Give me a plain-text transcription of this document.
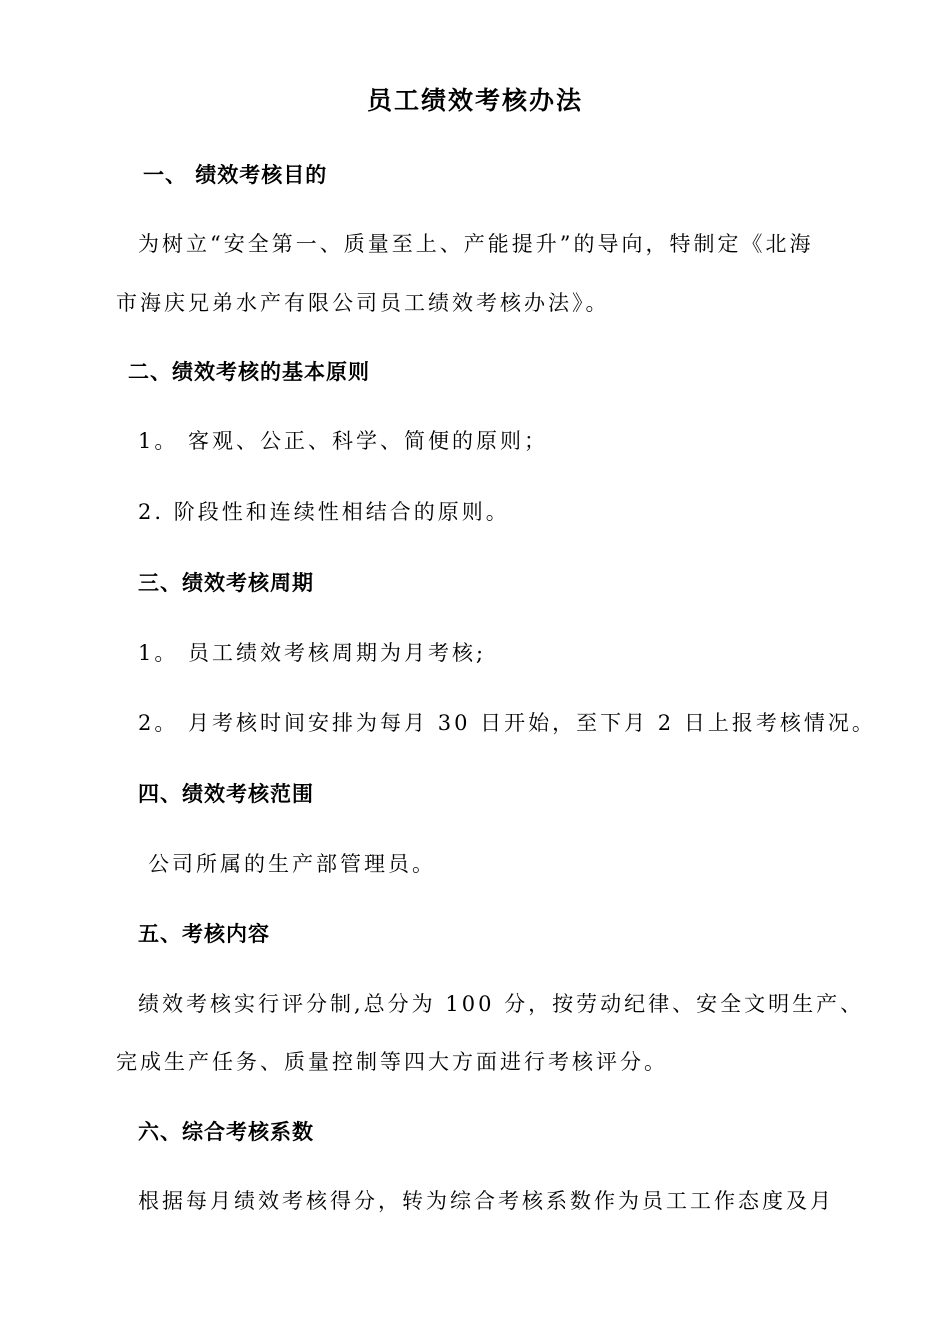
员工绩效考核办法
一、 绩效考核目的
为树立“安全第一、质量至上、产能提升”的导向，特制定《北海
市海庆兄弟水产有限公司员工绩效考核办法》。
二、绩效考核的基本原则
1。 客观、公正、科学、简便的原则；
2. 阶段性和连续性相结合的原则。
三、绩效考核周期
1。 员工绩效考核周期为月考核;
2。 月考核时间安排为每月 30 日开始，至下月 2 日上报考核情况。
四、绩效考核范围
公司所属的生产部管理员。
五、考核内容
绩效考核实行评分制,总分为 100 分，按劳动纪律、安全文明生产、
完成生产任务、质量控制等四大方面进行考核评分。
六、综合考核系数
根据每月绩效考核得分，转为综合考核系数作为员工工作态度及月
